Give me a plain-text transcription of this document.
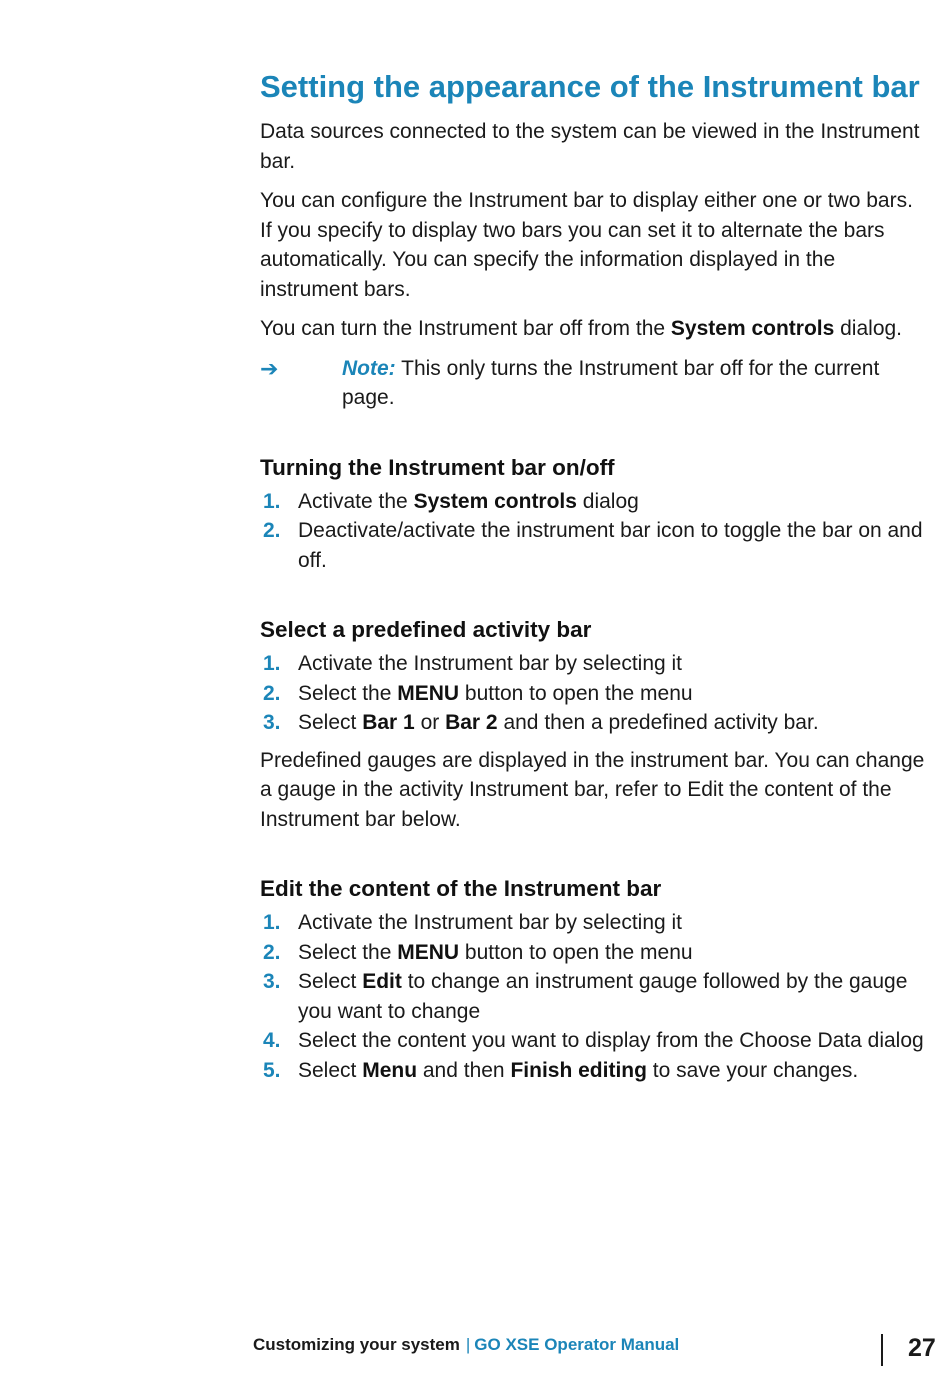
Setting the appearance of the Instrument bar

Data sources connected to the system can be viewed in the Instrument bar.

You can configure the Instrument bar to display either one or two bars. If you specify to display two bars you can set it to alternate the bars automatically. You can specify the information displayed in the instrument bars.

You can turn the Instrument bar off from the System controls dialog.

➔	Note: This only turns the Instrument bar off for the current page.
Turning the Instrument bar on/off
1. Activate the System controls dialog
2. Deactivate/activate the instrument bar icon to toggle the bar on and off.
Select a predefined activity bar
1. Activate the Instrument bar by selecting it
2. Select the MENU button to open the menu
3. Select Bar 1 or Bar 2 and then a predefined activity bar.

Predefined gauges are displayed in the instrument bar. You can change a gauge in the activity Instrument bar, refer to Edit the content of the Instrument bar below.

Edit the content of the Instrument bar
1. Activate the Instrument bar by selecting it
2. Select the MENU button to open the menu
3. Select Edit to change an instrument gauge followed by the gauge you want to change
4. Select the content you want to display from the Choose Data dialog
5. Select Menu and then Finish editing to save your changes.
Customizing your system | GO XSE Operator Manual	27
